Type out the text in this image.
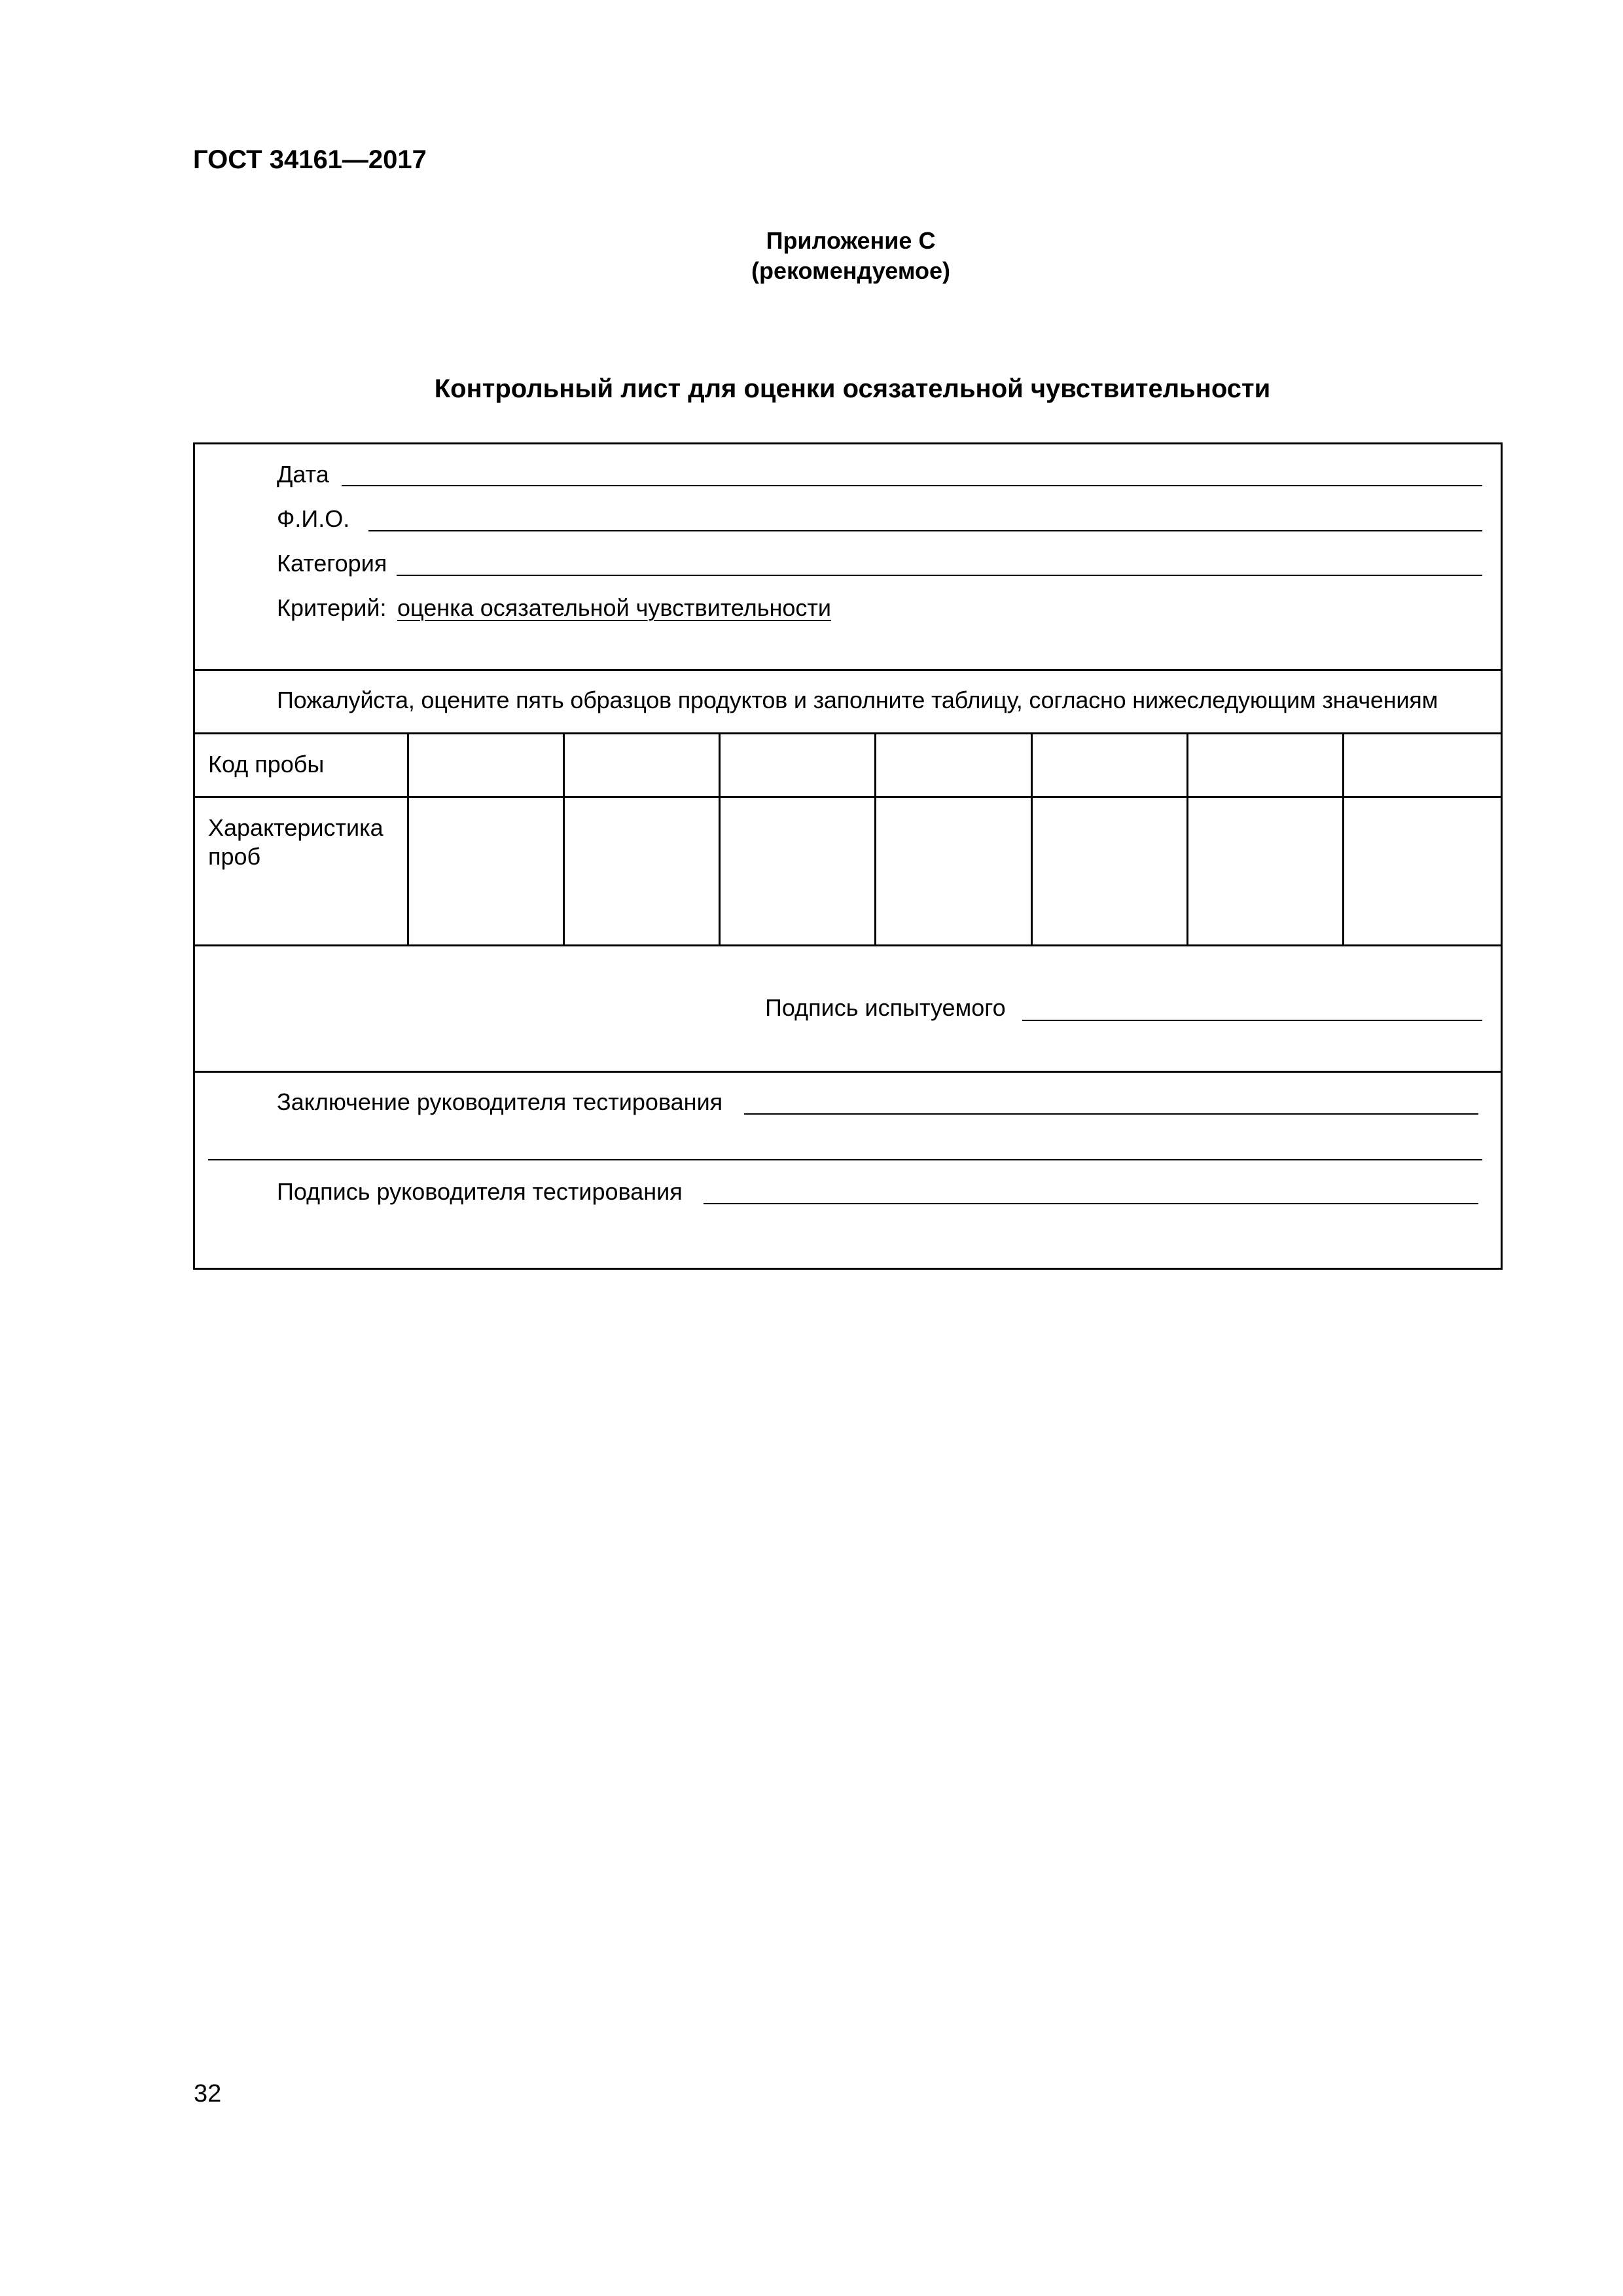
ГОСТ 34161—2017
Приложение С
(рекомендуемое)
Контрольный лист для оценки осязательной чувствительности
Дата
Ф.И.О.
Категория
Критерий: оценка осязательной чувствительности
Пожалуйста, оцените пять образцов продуктов и заполните таблицу, согласно нижеследующим значениям
Код пробы
Характеристика
проб
Подпись испытуемого
Заключение руководителя тестирования
Подпись руководителя тестирования
32
